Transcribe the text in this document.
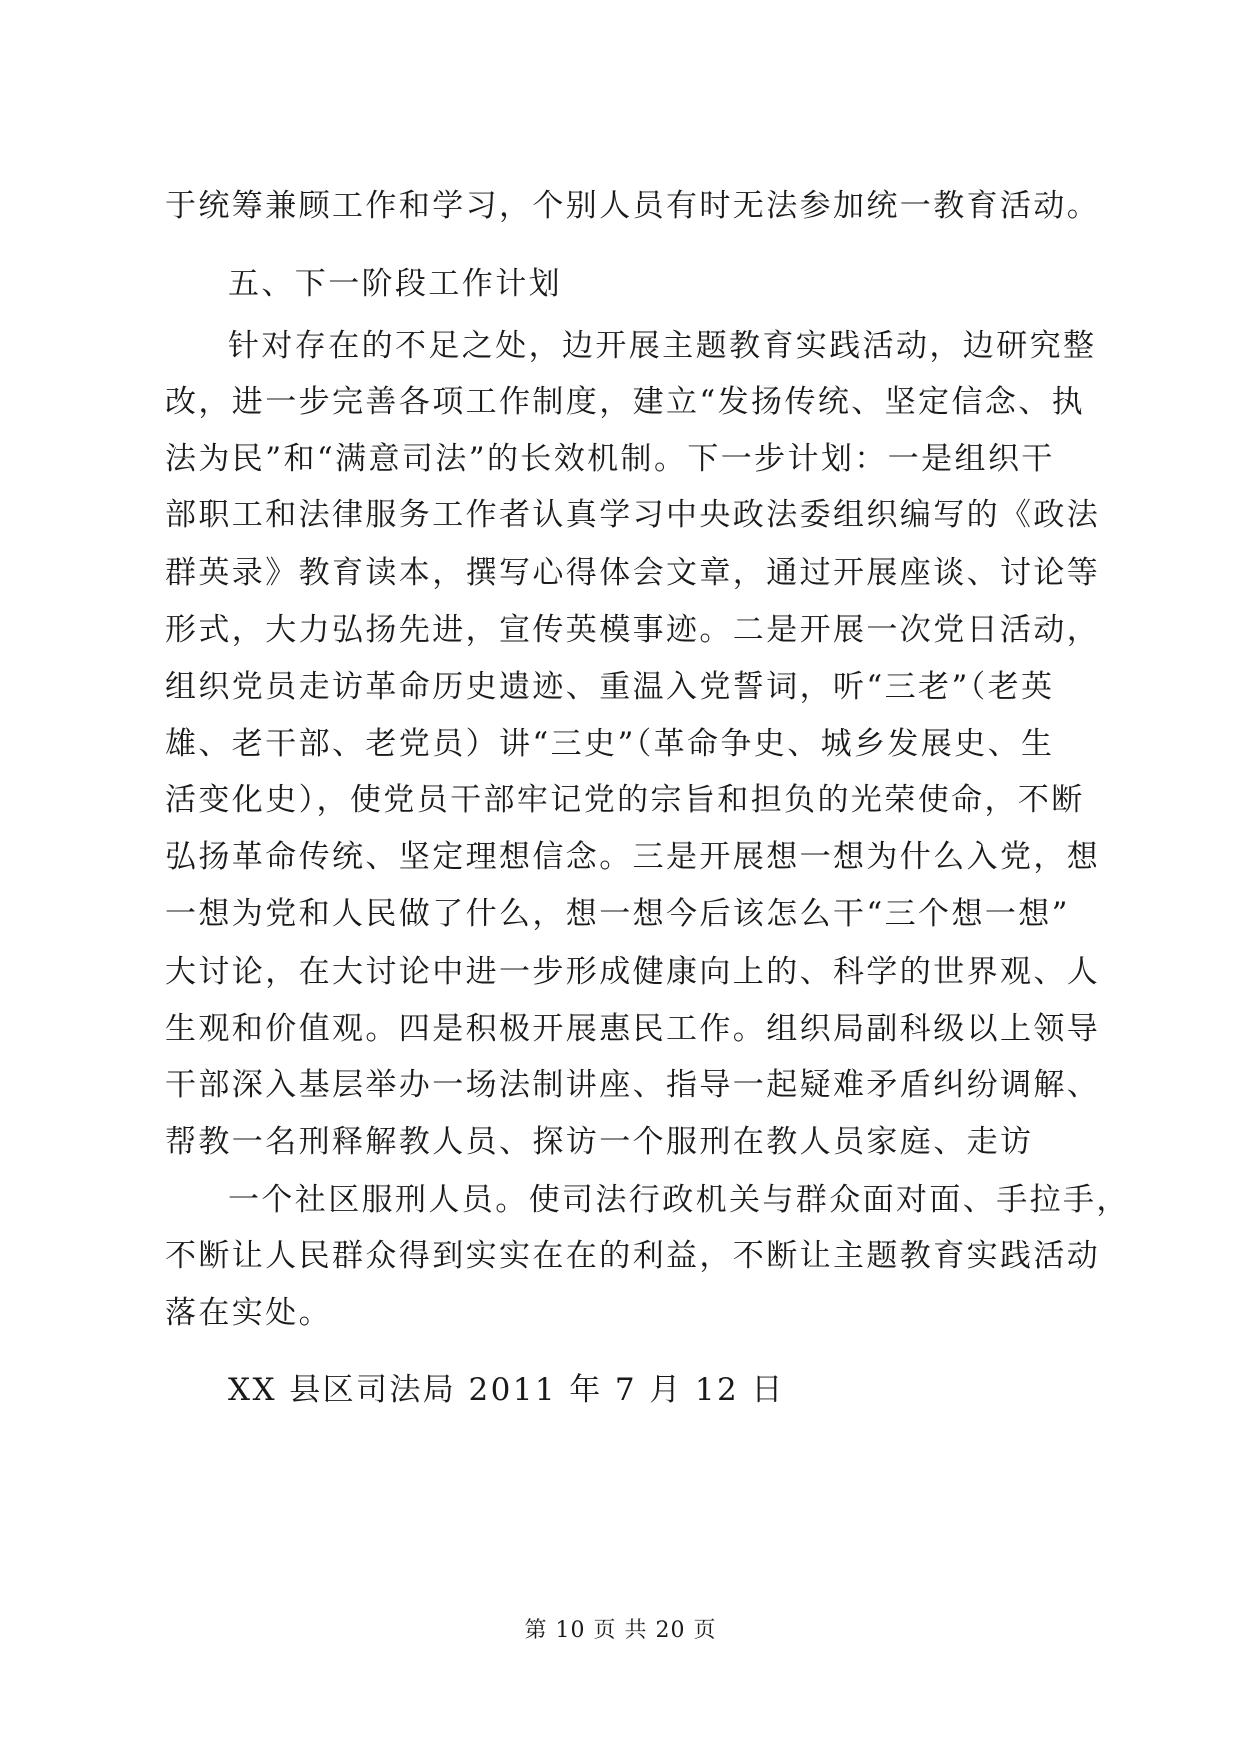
于统筹兼顾工作和学习，个别人员有时无法参加统一教育活动。
五、下一阶段工作计划
针对存在的不足之处，边开展主题教育实践活动，边研究整
改，进一步完善各项工作制度，建立“发扬传统、坚定信念、执
法为民”和“满意司法”的长效机制。下一步计划：一是组织干
部职工和法律服务工作者认真学习中央政法委组织编写的《政法
群英录》教育读本，撰写心得体会文章，通过开展座谈、讨论等
形式，大力弘扬先进，宣传英模事迹。二是开展一次党日活动，
组织党员走访革命历史遗迹、重温入党誓词，听“三老”（老英
雄、老干部、老党员）讲“三史”（革命争史、城乡发展史、生
活变化史），使党员干部牢记党的宗旨和担负的光荣使命，不断
弘扬革命传统、坚定理想信念。三是开展想一想为什么入党，想
一想为党和人民做了什么，想一想今后该怎么干“三个想一想”
大讨论，在大讨论中进一步形成健康向上的、科学的世界观、人
生观和价值观。四是积极开展惠民工作。组织局副科级以上领导
干部深入基层举办一场法制讲座、指导一起疑难矛盾纠纷调解、
帮教一名刑释解教人员、探访一个服刑在教人员家庭、走访
一个社区服刑人员。使司法行政机关与群众面对面、手拉手，
不断让人民群众得到实实在在的利益，不断让主题教育实践活动
落在实处。
XX 县区司法局 2011 年 7 月 12 日
第 10 页 共 20 页
